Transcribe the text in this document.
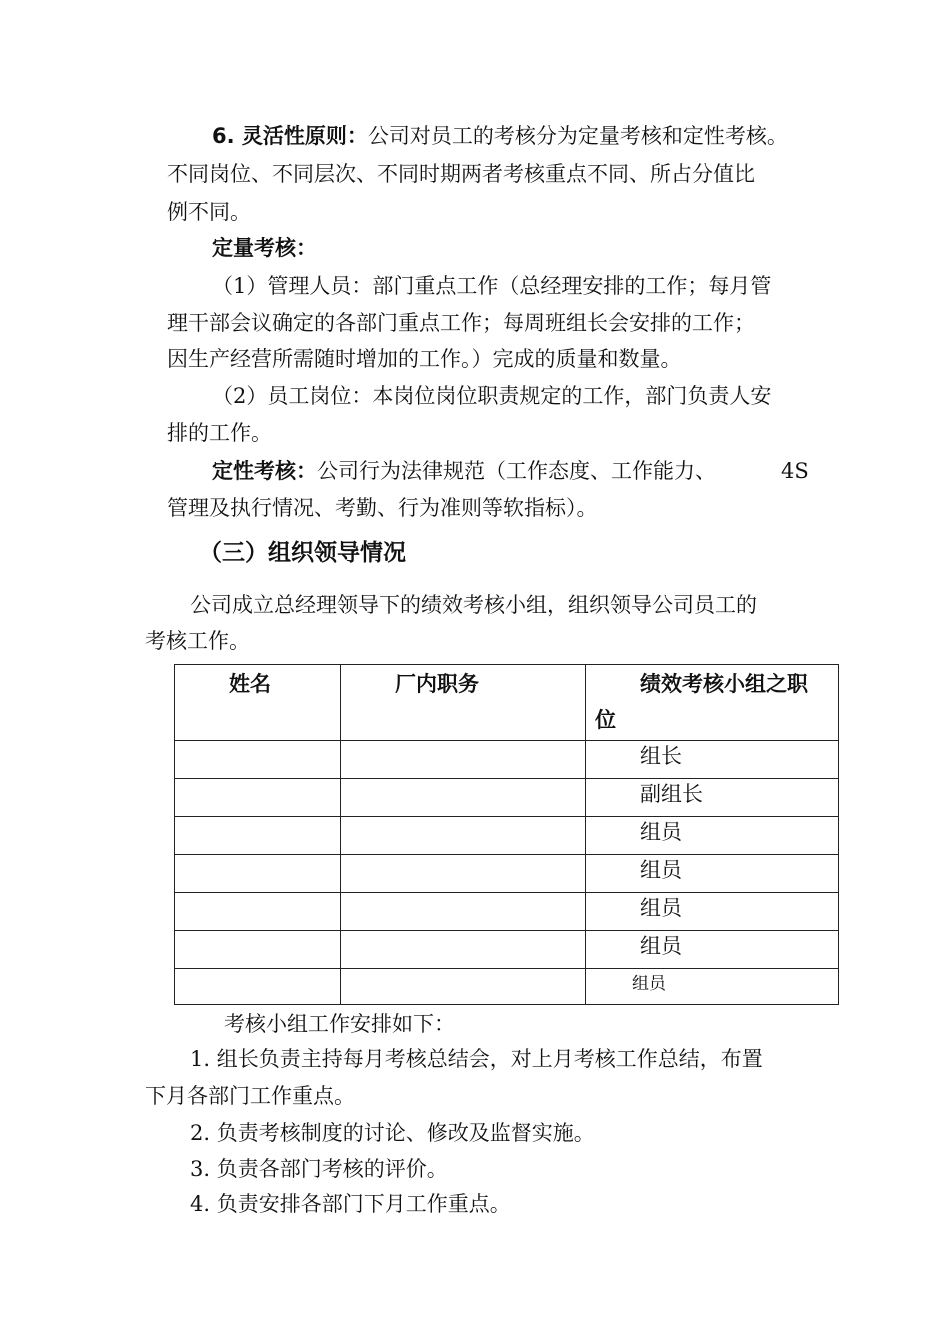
6. 灵活性原则：公司对员工的考核分为定量考核和定性考核。

不同岗位、不同层次、不同时期两者考核重点不同、所占分值比

例不同。

定量考核：

（1）管理人员：部门重点工作（总经理安排的工作；每月管

理干部会议确定的各部门重点工作；每周班组长会安排的工作；

因生产经营所需随时增加的工作。）完成的质量和数量。

（2）员工岗位：本岗位岗位职责规定的工作，部门负责人安

排的工作。

定性考核：公司行为法律规范（工作态度、工作能力、	4S

管理及执行情况、考勤、行为准则等软指标）。

（三）组织领导情况

公司成立总经理领导下的绩效考核小组，组织领导公司员工的

考核工作。

姓名	厂内职务	绩效考核小组之职
位

		组长

		副组长

		组员

		组员

		组员

		组员

		组员

考核小组工作安排如下：

1. 组长负责主持每月考核总结会，对上月考核工作总结，布置

下月各部门工作重点。

2. 负责考核制度的讨论、修改及监督实施。

3. 负责各部门考核的评价。

4. 负责安排各部门下月工作重点。
